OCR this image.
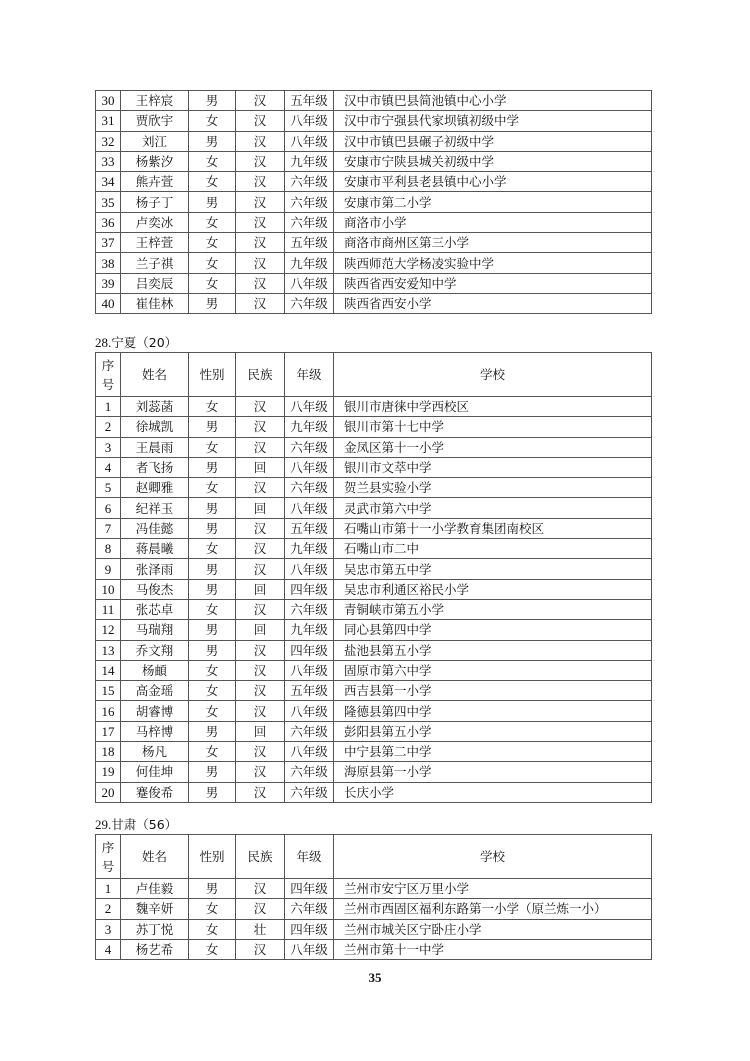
30	王梓宸	男	汉	五年级	汉中市镇巴县简池镇中心小学
31	贾欣宇	女	汉	八年级	汉中市宁强县代家坝镇初级中学
32	刘江	男	汉	八年级	汉中市镇巴县碾子初级中学
33	杨紫汐	女	汉	九年级	安康市宁陕县城关初级中学
34	熊卉萱	女	汉	六年级	安康市平利县老县镇中心小学
35	杨子丁	男	汉	六年级	安康市第二小学
36	卢奕冰	女	汉	六年级	商洛市小学
37	王梓萱	女	汉	五年级	商洛市商州区第三小学
38	兰子祺	女	汉	九年级	陕西师范大学杨凌实验中学
39	吕奕辰	女	汉	八年级	陕西省西安爱知中学
40	崔佳林	男	汉	六年级	陕西省西安小学
28.宁夏（20）
序
号	姓名	性别	民族	年级	学校
1	刘蕊菡	女	汉	八年级	银川市唐徕中学西校区
2	徐城凯	男	汉	九年级	银川市第十七中学
3	王晨雨	女	汉	六年级	金凤区第十一小学
4	者飞扬	男	回	八年级	银川市文萃中学
5	赵卿雅	女	汉	六年级	贺兰县实验小学
6	纪祥玉	男	回	八年级	灵武市第六中学
7	冯佳懿	男	汉	五年级	石嘴山市第十一小学教育集团南校区
8	蒋晨曦	女	汉	九年级	石嘴山市二中
9	张泽雨	男	汉	八年级	吴忠市第五中学
10	马俊杰	男	回	四年级	吴忠市利通区裕民小学
11	张芯卓	女	汉	六年级	青铜峡市第五小学
12	马瑞翔	男	回	九年级	同心县第四中学
13	乔文翔	男	汉	四年级	盐池县第五小学
14	杨頔	女	汉	八年级	固原市第六中学
15	高金瑶	女	汉	五年级	西吉县第一小学
16	胡睿博	女	汉	八年级	隆德县第四中学
17	马梓博	男	回	六年级	彭阳县第五小学
18	杨凡	女	汉	八年级	中宁县第二中学
19	何佳坤	男	汉	六年级	海原县第一小学
20	蹇俊希	男	汉	六年级	长庆小学
29.甘肃（56）
序
号	姓名	性别	民族	年级	学校
1	卢佳毅	男	汉	四年级	兰州市安宁区万里小学
2	魏辛妍	女	汉	六年级	兰州市西固区福利东路第一小学（原兰炼一小）
3	苏丁悦	女	壮	四年级	兰州市城关区宁卧庄小学
4	杨艺希	女	汉	八年级	兰州市第十一中学
35
